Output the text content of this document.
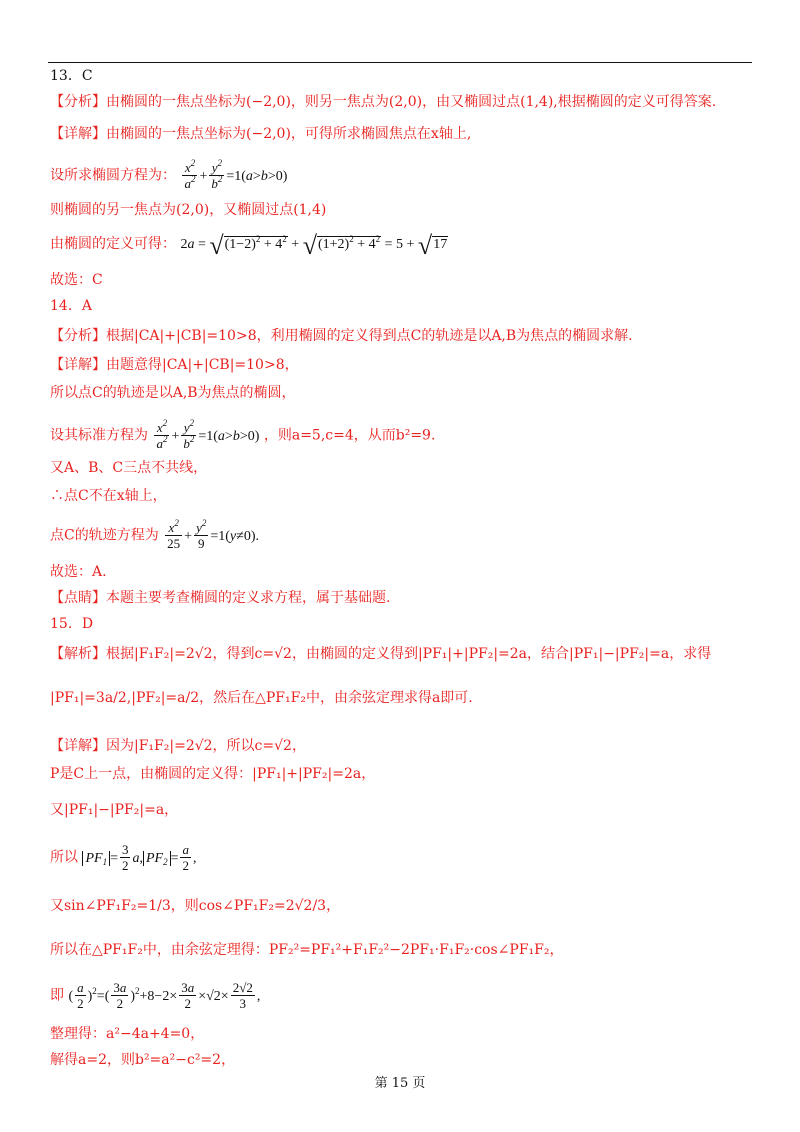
13．C
【分析】由椭圆的一焦点坐标为(−2,0)，则另一焦点为(2,0)，由又椭圆过点(1,4),根据椭圆的定义可得答案.
【详解】由椭圆的一焦点坐标为(−2,0)，可得所求椭圆焦点在x轴上,
设所求椭圆方程为： $\frac{x^2}{a^2} + \frac{y^2}{b^2} =1(a>b>0)$
则椭圆的另一焦点为(2,0)，又椭圆过点(1,4)
由椭圆的定义可得： $2a = √(1-2)^2 + 4^2 + √(1+2)^2 + 4^2 = 5 + √17$
故选：C
14．A
【分析】根据|CA|+|CB|=10>8，利用椭圆的定义得到点C的轨迹是以A,B为焦点的椭圆求解.
【详解】由题意得|CA|+|CB|=10>8，
所以点C的轨迹是以A,B为焦点的椭圆，
设其标准方程为 $\frac{x^2}{a^2} + \frac{y^2}{b^2} =1(a>b>0)$ ，则a=5,c=4，从而b²=9.
又A、B、C三点不共线，
∴点C不在x轴上，
点C的轨迹方程为 $\frac{x^2}{25} + \frac{y^2}{9} =1(y\ne 0)$.
故选：A.
【点睛】本题主要考查椭圆的定义求方程，属于基础题.
15．D
【解析】根据|F₁F₂|=2√2，得到c=√2，由椭圆的定义得到|PF₁|+|PF₂|=2a，结合|PF₁|−|PF₂|=a，求得
|PF₁|=3a/2,|PF₂|=a/2，然后在△PF₁F₂中，由余弦定理求得a即可.
【详解】因为|F₁F₂|=2√2，所以c=√2，
P是C上一点，由椭圆的定义得：|PF₁|+|PF₂|=2a，
又|PF₁|−|PF₂|=a，
所以 $PF_1 = \frac{3}{2} a$, $PF_2 = \frac{a}{2}$ ,
又sin∠PF₁F₂=1/3，则cos∠PF₁F₂=2√2/3，
所以在△PF₁F₂中，由余弦定理得：PF₂²=PF₁²+F₁F₂²−2PF₁·F₁F₂·cos∠PF₁F₂，
即 ( $\frac{a}{2} )^2=( \frac{3a}{2} )^2+8-2\times \frac{3a}{2} \times√2\times \frac{2√2}{3}$ ,
整理得：a²−4a+4=0，
解得a=2，则b²=a²−c²=2，
第 15 页
